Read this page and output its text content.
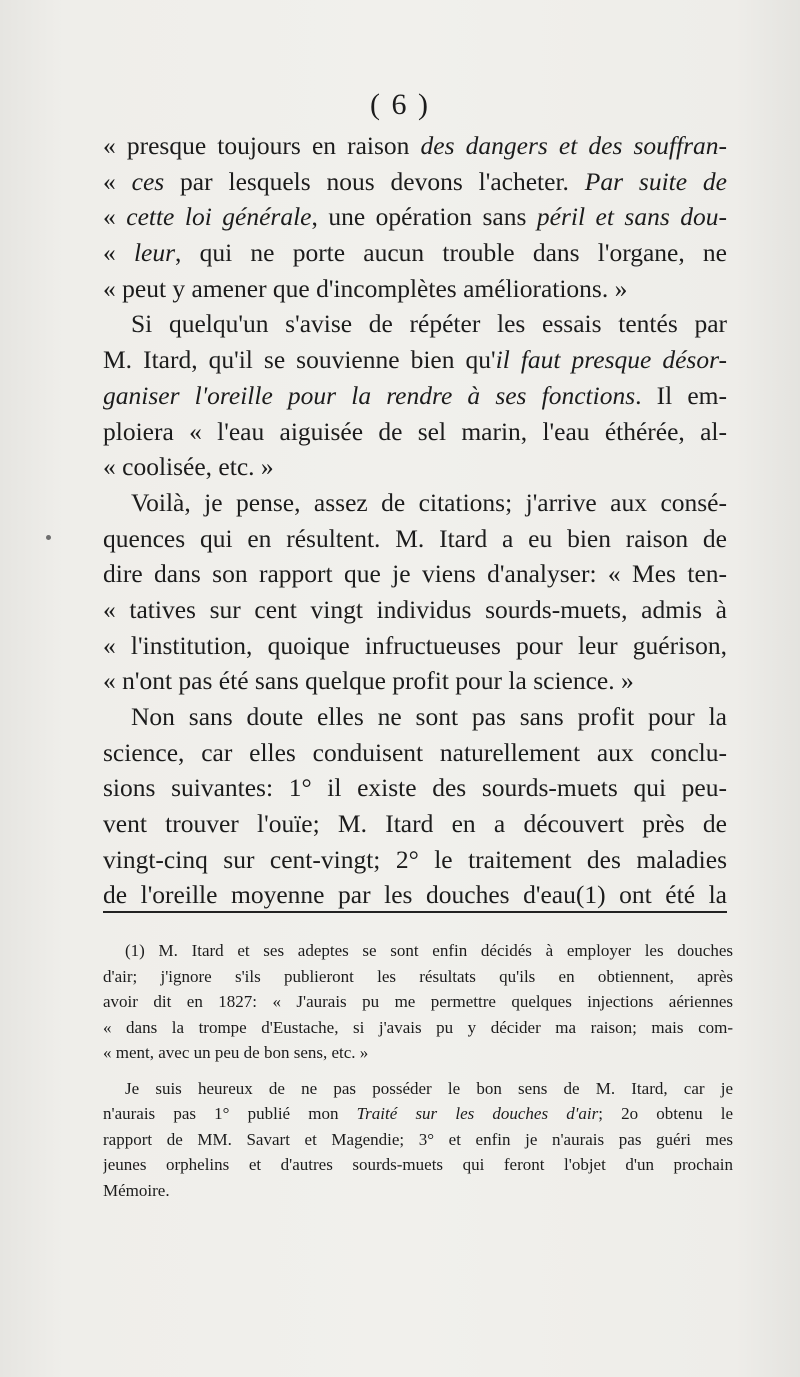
( 6 )
« presque toujours en raison des dangers et des souffran-
« ces par lesquels nous devons l'acheter. Par suite de
« cette loi générale, une opération sans péril et sans dou-
« leur, qui ne porte aucun trouble dans l'organe, ne
« peut y amener que d'incomplètes améliorations. »
Si quelqu'un s'avise de répéter les essais tentés par
M. Itard, qu'il se souvienne bien qu'il faut presque désor-
ganiser l'oreille pour la rendre à ses fonctions. Il em-
ploiera « l'eau aiguisée de sel marin, l'eau éthérée, al-
« coolisée, etc. »
Voilà, je pense, assez de citations; j'arrive aux consé-
quences qui en résultent. M. Itard a eu bien raison de
dire dans son rapport que je viens d'analyser: « Mes ten-
« tatives sur cent vingt individus sourds-muets, admis à
« l'institution, quoique infructueuses pour leur guérison,
« n'ont pas été sans quelque profit pour la science. »
Non sans doute elles ne sont pas sans profit pour la
science, car elles conduisent naturellement aux conclu-
sions suivantes: 1° il existe des sourds-muets qui peu-
vent trouver l'ouïe; M. Itard en a découvert près de
vingt-cinq sur cent-vingt; 2° le traitement des maladies
de l'oreille moyenne par les douches d'eau(1) ont été la
(1) M. Itard et ses adeptes se sont enfin décidés à employer les douches
d'air; j'ignore s'ils publieront les résultats qu'ils en obtiennent, après
avoir dit en 1827: « J'aurais pu me permettre quelques injections aériennes
« dans la trompe d'Eustache, si j'avais pu y décider ma raison; mais com-
« ment, avec un peu de bon sens, etc. »
Je suis heureux de ne pas posséder le bon sens de M. Itard, car je
n'aurais pas 1° publié mon Traité sur les douches d'air; 2o obtenu le
rapport de MM. Savart et Magendie; 3° et enfin je n'aurais pas guéri mes
jeunes orphelins et d'autres sourds-muets qui feront l'objet d'un prochain
Mémoire.
